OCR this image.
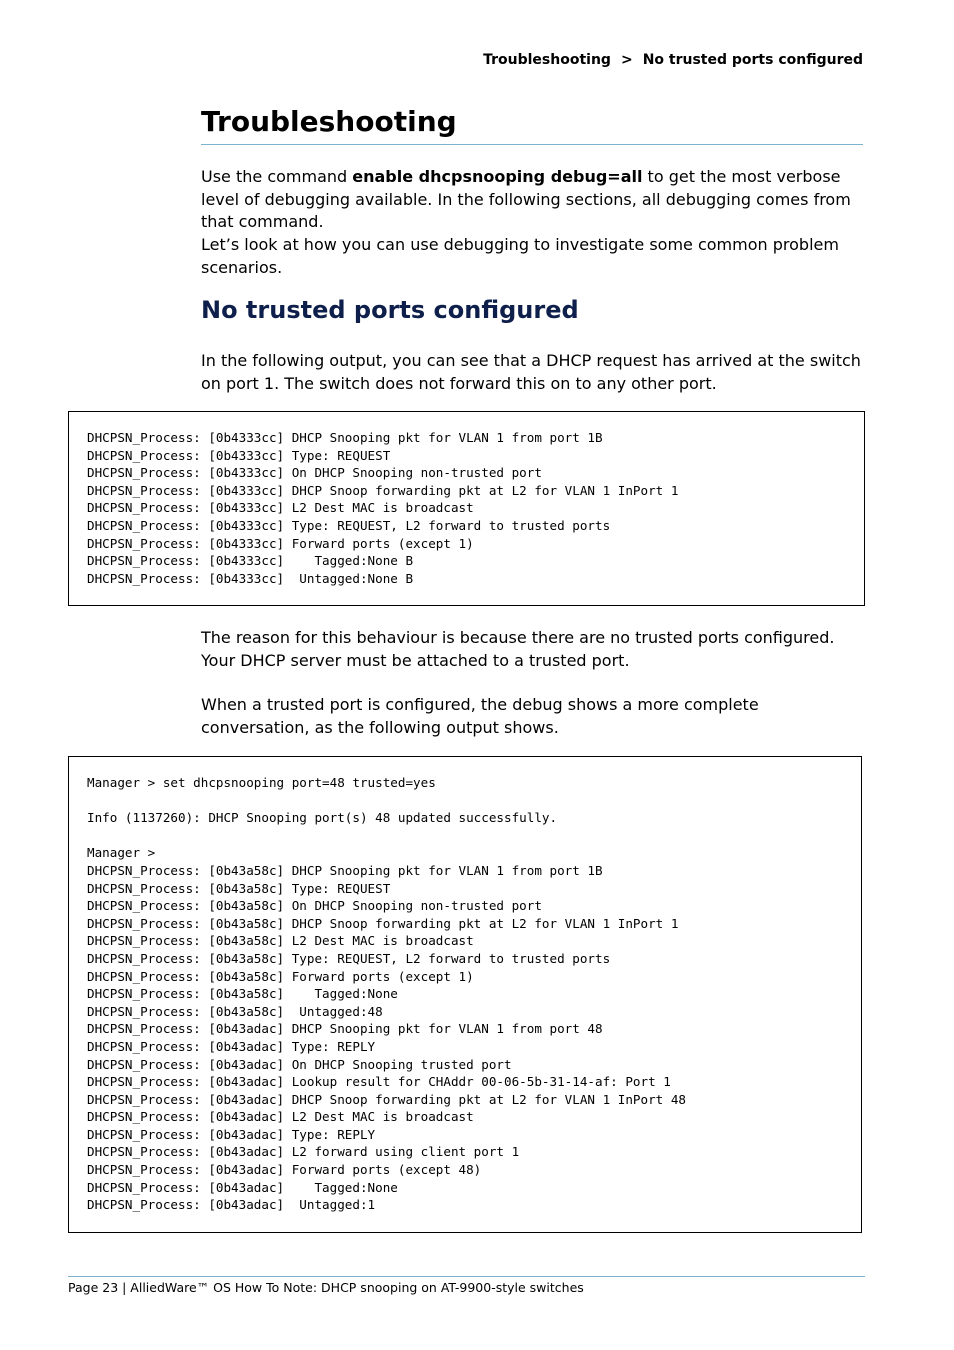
Troubleshooting > No trusted ports configured
Troubleshooting
Use the command enable dhcpsnooping debug=all to get the most verbose level of debugging available. In the following sections, all debugging comes from that command.
Let’s look at how you can use debugging to investigate some common problem scenarios.
No trusted ports configured
In the following output, you can see that a DHCP request has arrived at the switch on port 1. The switch does not forward this on to any other port.
DHCPSN_Process: [0b4333cc] DHCP Snooping pkt for VLAN 1 from port 1B
DHCPSN_Process: [0b4333cc] Type: REQUEST
DHCPSN_Process: [0b4333cc] On DHCP Snooping non-trusted port
DHCPSN_Process: [0b4333cc] DHCP Snoop forwarding pkt at L2 for VLAN 1 InPort 1
DHCPSN_Process: [0b4333cc] L2 Dest MAC is broadcast
DHCPSN_Process: [0b4333cc] Type: REQUEST, L2 forward to trusted ports
DHCPSN_Process: [0b4333cc] Forward ports (except 1)
DHCPSN_Process: [0b4333cc]    Tagged:None B
DHCPSN_Process: [0b4333cc]  Untagged:None B
The reason for this behaviour is because there are no trusted ports configured. Your DHCP server must be attached to a trusted port.
When a trusted port is configured, the debug shows a more complete conversation, as the following output shows.
Manager > set dhcpsnooping port=48 trusted=yes
Info (1137260): DHCP Snooping port(s) 48 updated successfully.
Manager >
DHCPSN_Process: [0b43a58c] DHCP Snooping pkt for VLAN 1 from port 1B
DHCPSN_Process: [0b43a58c] Type: REQUEST
DHCPSN_Process: [0b43a58c] On DHCP Snooping non-trusted port
DHCPSN_Process: [0b43a58c] DHCP Snoop forwarding pkt at L2 for VLAN 1 InPort 1
DHCPSN_Process: [0b43a58c] L2 Dest MAC is broadcast
DHCPSN_Process: [0b43a58c] Type: REQUEST, L2 forward to trusted ports
DHCPSN_Process: [0b43a58c] Forward ports (except 1)
DHCPSN_Process: [0b43a58c]    Tagged:None
DHCPSN_Process: [0b43a58c]  Untagged:48
DHCPSN_Process: [0b43adac] DHCP Snooping pkt for VLAN 1 from port 48
DHCPSN_Process: [0b43adac] Type: REPLY
DHCPSN_Process: [0b43adac] On DHCP Snooping trusted port
DHCPSN_Process: [0b43adac] Lookup result for CHAddr 00-06-5b-31-14-af: Port 1
DHCPSN_Process: [0b43adac] DHCP Snoop forwarding pkt at L2 for VLAN 1 InPort 48
DHCPSN_Process: [0b43adac] L2 Dest MAC is broadcast
DHCPSN_Process: [0b43adac] Type: REPLY
DHCPSN_Process: [0b43adac] L2 forward using client port 1
DHCPSN_Process: [0b43adac] Forward ports (except 48)
DHCPSN_Process: [0b43adac]    Tagged:None
DHCPSN_Process: [0b43adac]  Untagged:1
Page 23 | AlliedWare™ OS How To Note: DHCP snooping on AT-9900-style switches
